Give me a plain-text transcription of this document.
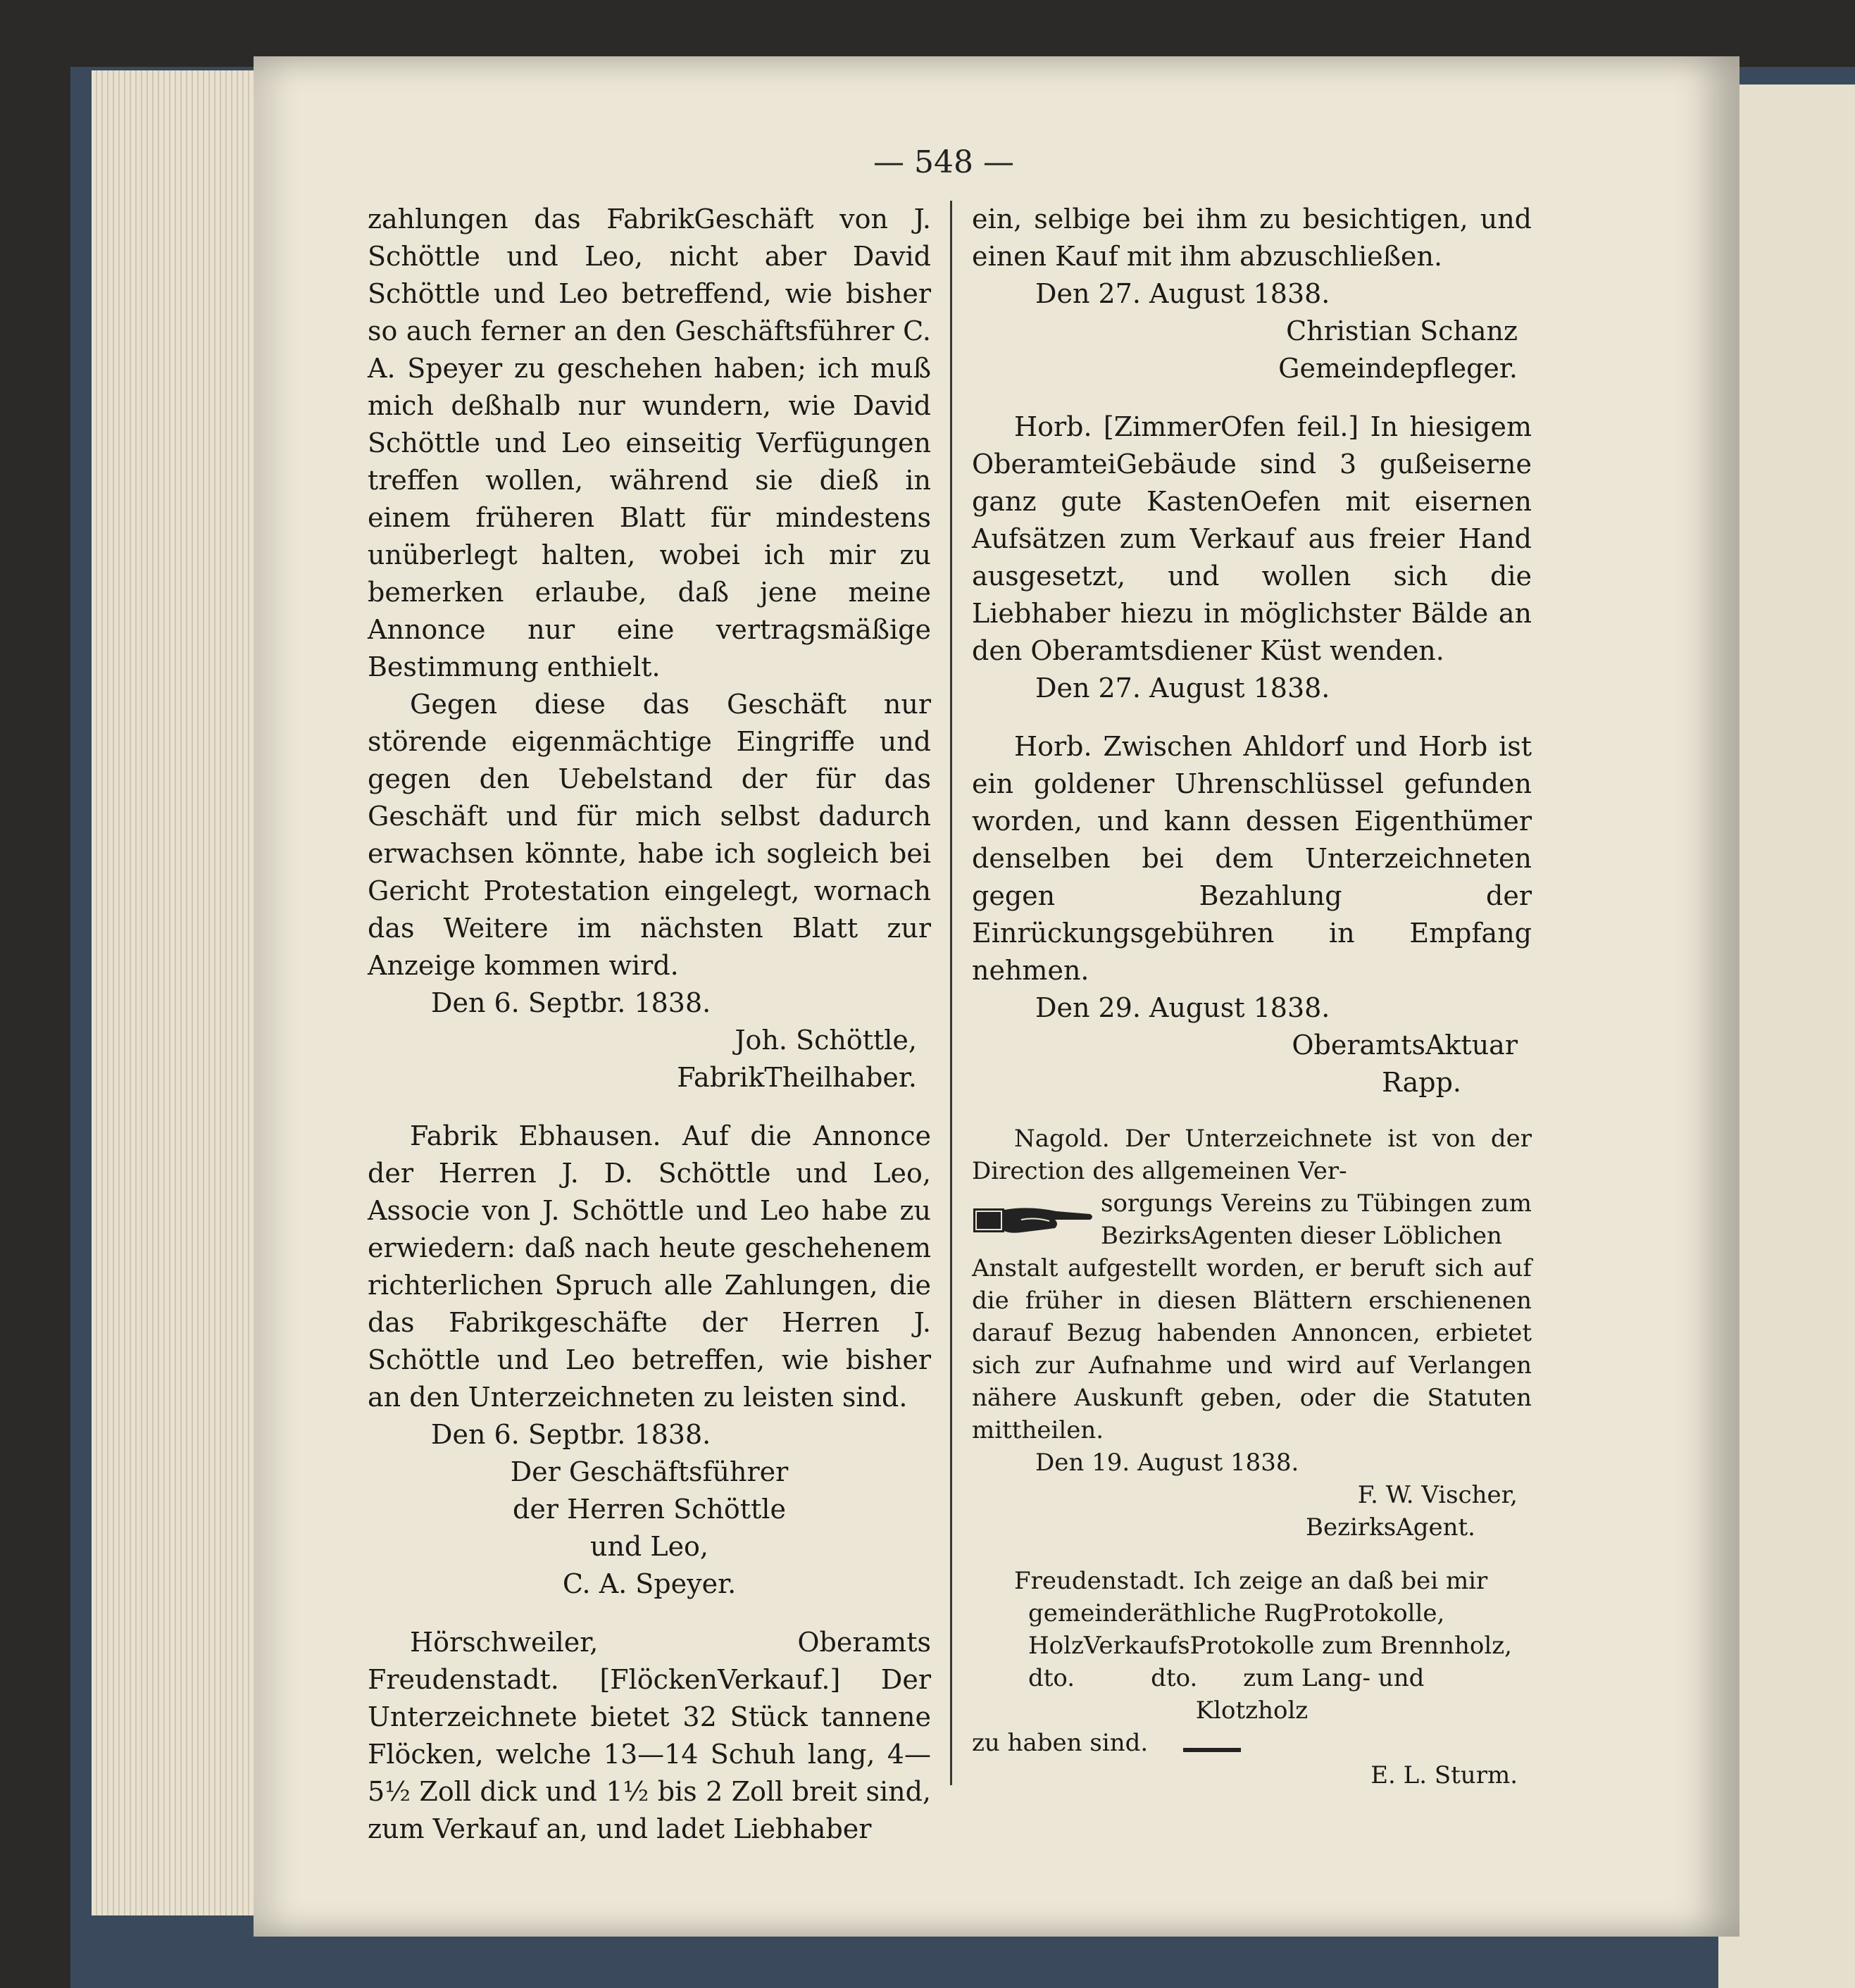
— 548 —

zahlungen das FabrikGeschäft von J. Schöttle und Leo, nicht aber David Schöttle und Leo betreffend, wie bisher so auch ferner an den Geschäftsführer C. A. Speyer zu geschehen haben; ich muß mich deßhalb nur wundern, wie David Schöttle und Leo einseitig Verfügungen treffen wollen, während sie dieß in einem früheren Blatt für mindestens unüberlegt halten, wobei ich mir zu bemerken erlaube, daß jene meine Annonce nur eine vertragsmäßige Bestimmung enthielt.

Gegen diese das Geschäft nur störende eigenmächtige Eingriffe und gegen den Uebelstand der für das Geschäft und für mich selbst dadurch erwachsen könnte, habe ich sogleich bei Gericht Protestation eingelegt, wornach das Weitere im nächsten Blatt zur Anzeige kommen wird.

Den 6. Septbr. 1838.

Joh. Schöttle,

FabrikTheilhaber.

Fabrik Ebhausen. Auf die Annonce der Herren J. D. Schöttle und Leo, Associe von J. Schöttle und Leo habe zu erwiedern: daß nach heute geschehenem richterlichen Spruch alle Zahlungen, die das Fabrikgeschäfte der Herren J. Schöttle und Leo betreffen, wie bisher an den Unterzeichneten zu leisten sind.

Den 6. Septbr. 1838.

Der Geschäftsführer

der Herren Schöttle

und Leo,

C. A. Speyer.

Hörschweiler, Oberamts Freudenstadt. [FlöckenVerkauf.] Der Unterzeichnete bietet 32 Stück tannene Flöcken, welche 13—14 Schuh lang, 4—5½ Zoll dick und 1½ bis 2 Zoll breit sind, zum Verkauf an, und ladet Liebhaber

ein, selbige bei ihm zu besichtigen, und einen Kauf mit ihm abzuschließen.

Den 27. August 1838.

Christian Schanz

Gemeindepfleger.

Horb. [ZimmerOfen feil.] In hiesigem OberamteiGebäude sind 3 gußeiserne ganz gute KastenOefen mit eisernen Aufsätzen zum Verkauf aus freier Hand ausgesetzt, und wollen sich die Liebhaber hiezu in möglichster Bälde an den Oberamtsdiener Küst wenden.

Den 27. August 1838.

Horb. Zwischen Ahldorf und Horb ist ein goldener Uhrenschlüssel gefunden worden, und kann dessen Eigenthümer denselben bei dem Unterzeichneten gegen Bezahlung der Einrückungsgebühren in Empfang nehmen.

Den 29. August 1838.

OberamtsAktuar

Rapp.

Nagold. Der Unterzeichnete ist von der Direction des allgemeinen Ver-

sorgungs Vereins zu Tübingen zum BezirksAgenten dieser Löblichen

Anstalt aufgestellt worden, er beruft sich auf die früher in diesen Blättern erschienenen darauf Bezug habenden Annoncen, erbietet sich zur Aufnahme und wird auf Verlangen nähere Auskunft geben, oder die Statuten mittheilen.

Den 19. August 1838.

F. W. Vischer,

BezirksAgent.

Freudenstadt. Ich zeige an daß bei mir

gemeinderäthliche RugProtokolle,

HolzVerkaufsProtokolle zum Brennholz,

dto.          dto.      zum Lang- und

Klotzholz

zu haben sind.

E. L. Sturm.
